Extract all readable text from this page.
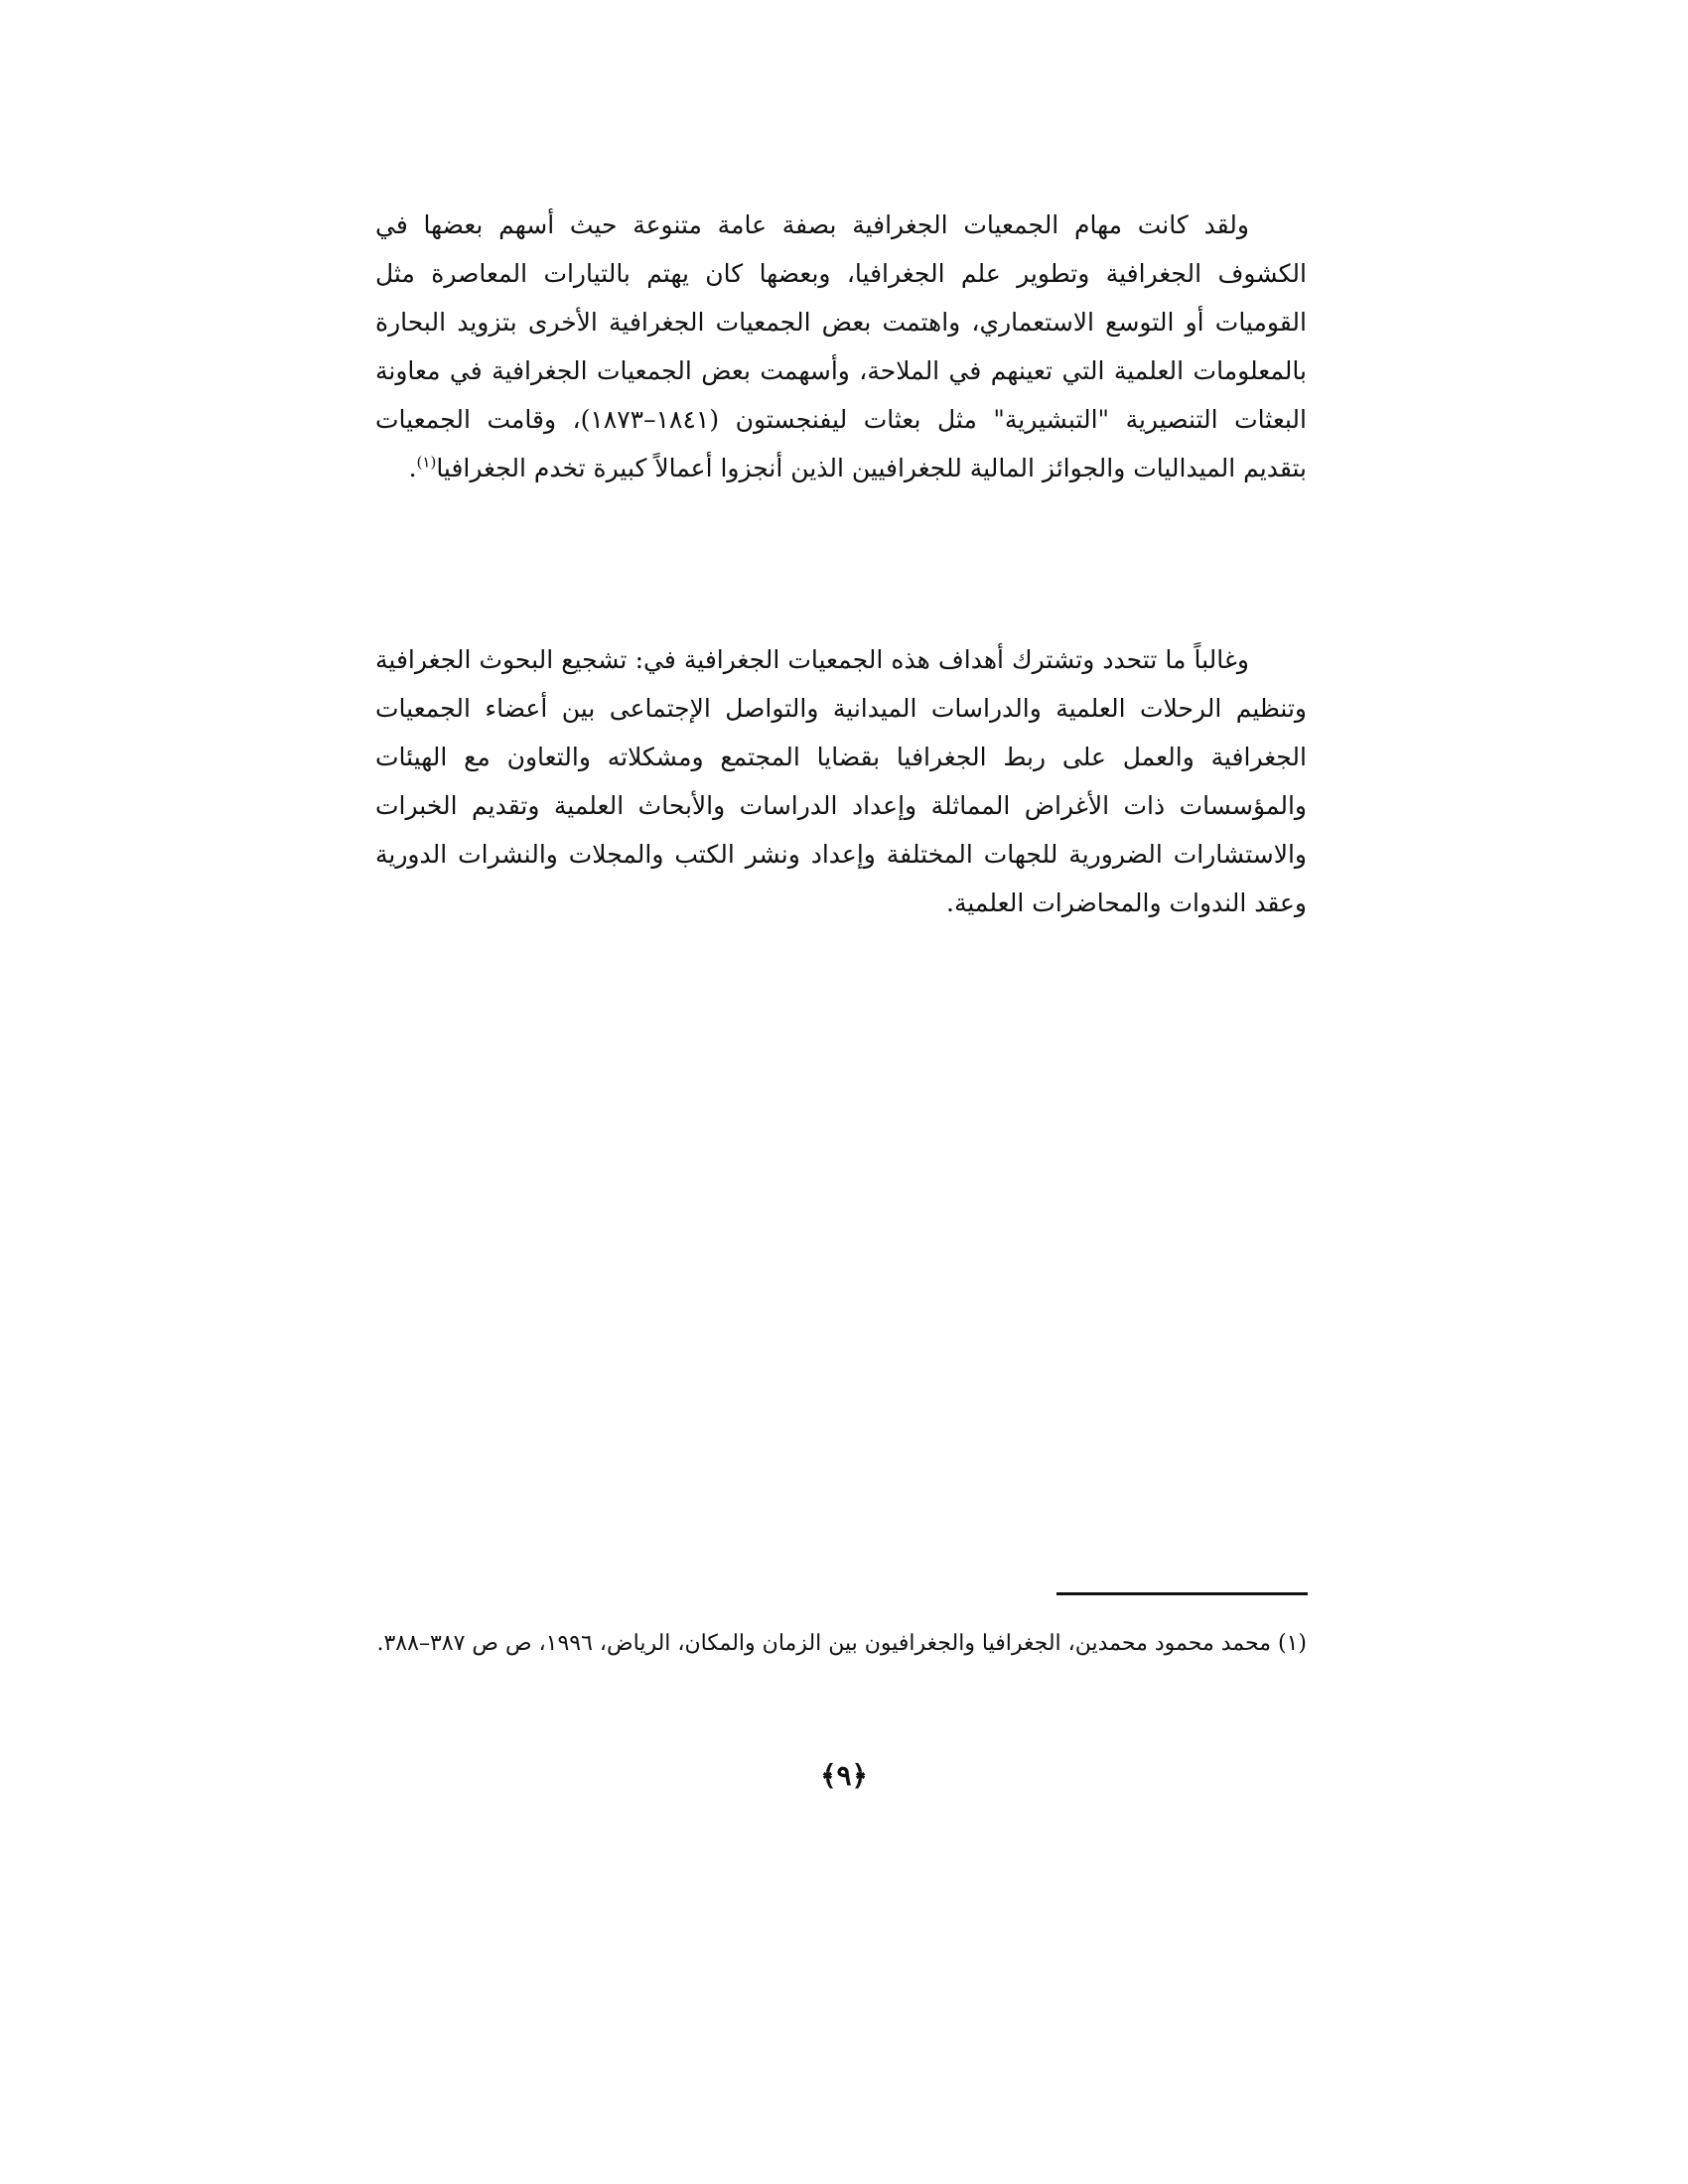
ولقد كانت مهام الجمعيات الجغرافية بصفة عامة متنوعة حيث أسهم بعضها في الكشوف الجغرافية وتطوير علم الجغرافيا، وبعضها كان يهتم بالتيارات المعاصرة مثل القوميات أو التوسع الاستعماري، واهتمت بعض الجمعيات الجغرافية الأخرى بتزويد البحارة بالمعلومات العلمية التي تعينهم في الملاحة، وأسهمت بعض الجمعيات الجغرافية في معاونة البعثات التنصيرية "التبشيرية" مثل بعثات ليفنجستون (١٨٤١–١٨٧٣)، وقامت الجمعيات بتقديم الميداليات والجوائز المالية للجغرافيين الذين أنجزوا أعمالاً كبيرة تخدم الجغرافيا$^{(١)}$.

وغالباً ما تتحدد وتشترك أهداف هذه الجمعيات الجغرافية في: تشجيع البحوث الجغرافية وتنظيم الرحلات العلمية والدراسات الميدانية والتواصل الإجتماعى بين أعضاء الجمعيات الجغرافية والعمل على ربط الجغرافيا بقضايا المجتمع ومشكلاته والتعاون مع الهيئات والمؤسسات ذات الأغراض المماثلة وإعداد الدراسات والأبحاث العلمية وتقديم الخبرات والاستشارات الضرورية للجهات المختلفة وإعداد ونشر الكتب والمجلات والنشرات الدورية وعقد الندوات والمحاضرات العلمية.

(١) محمد محمود محمدين، الجغرافيا والجغرافيون بين الزمان والمكان، الرياض، ١٩٩٦، ص ص ٣٨٧–٣٨٨.
﴿٩﴾
